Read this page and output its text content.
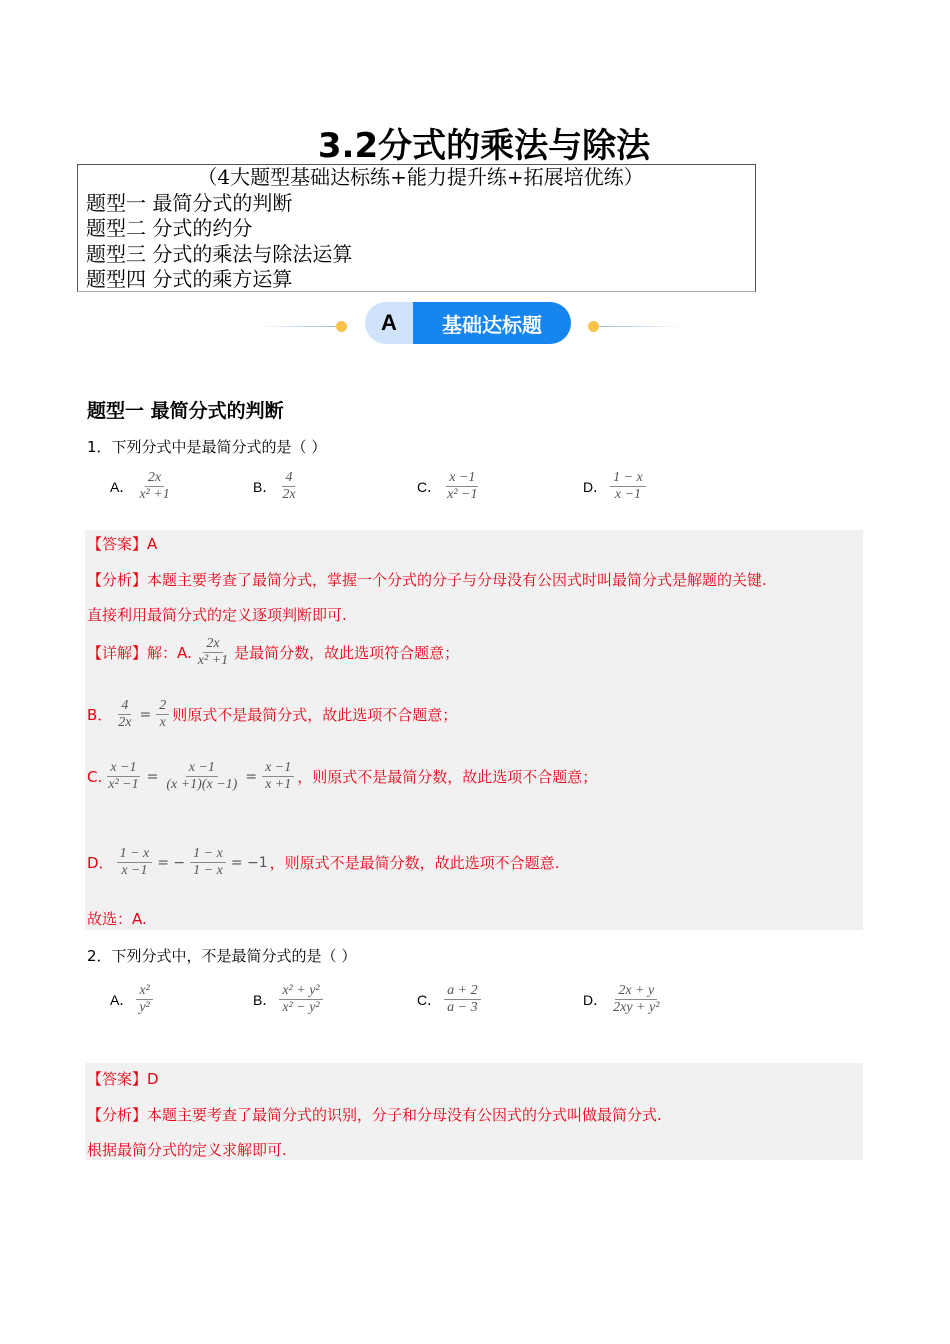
3.2分式的乘法与除法
（4大题型基础达标练+能力提升练+拓展培优练）
题型一 最简分式的判断
题型二 分式的约分
题型三 分式的乘法与除法运算
题型四 分式的乘方运算
A	基础达标题
题型一 最简分式的判断
1．下列分式中是最简分式的是（ ）
A． $\frac{2x}{\text{x² +1}}$	B． $\frac{4}{2x}$	C． $\frac{x -1}{\text{x² −1}}$	D． $\frac{1 - x}{x -1}$
【答案】A
【分析】本题主要考查了最简分式，掌握一个分式的分子与分母没有公因式时叫最简分式是解题的关键.
直接利用最简分式的定义逐项判断即可.
【详解】解：A. $\frac{2x}{\text{x² +1}}$ 是最简分数，故此选项符合题意；
B． $\frac{4}{2x} = \frac{2}{x}$ 则原式不是最简分式，故此选项不合题意；
C. $\frac{x -1}{\text{x² −1}} = \frac{x -1}{(x +1)(x -1)} = \frac{x -1}{x +1}$ ，则原式不是最简分数，故此选项不合题意；
D． $\frac{1 - x}{x -1}$ = − $\frac{1 - x}{1 - x} = -1$ ，则原式不是最简分数，故此选项不合题意.
故选：A.
2．下列分式中，不是最简分式的是（ ）
A． $\frac{\text{x²}}{\text{y²}}$	B． $\frac{\text{x² + y²}}{\text{x² − y²}}$	C． $\frac{a + 2}{a - 3}$	D． $\frac{2x + y}{\text{2xy + y²}}$
【答案】D
【分析】本题主要考查了最简分式的识别，分子和分母没有公因式的分式叫做最简分式.
根据最简分式的定义求解即可.
